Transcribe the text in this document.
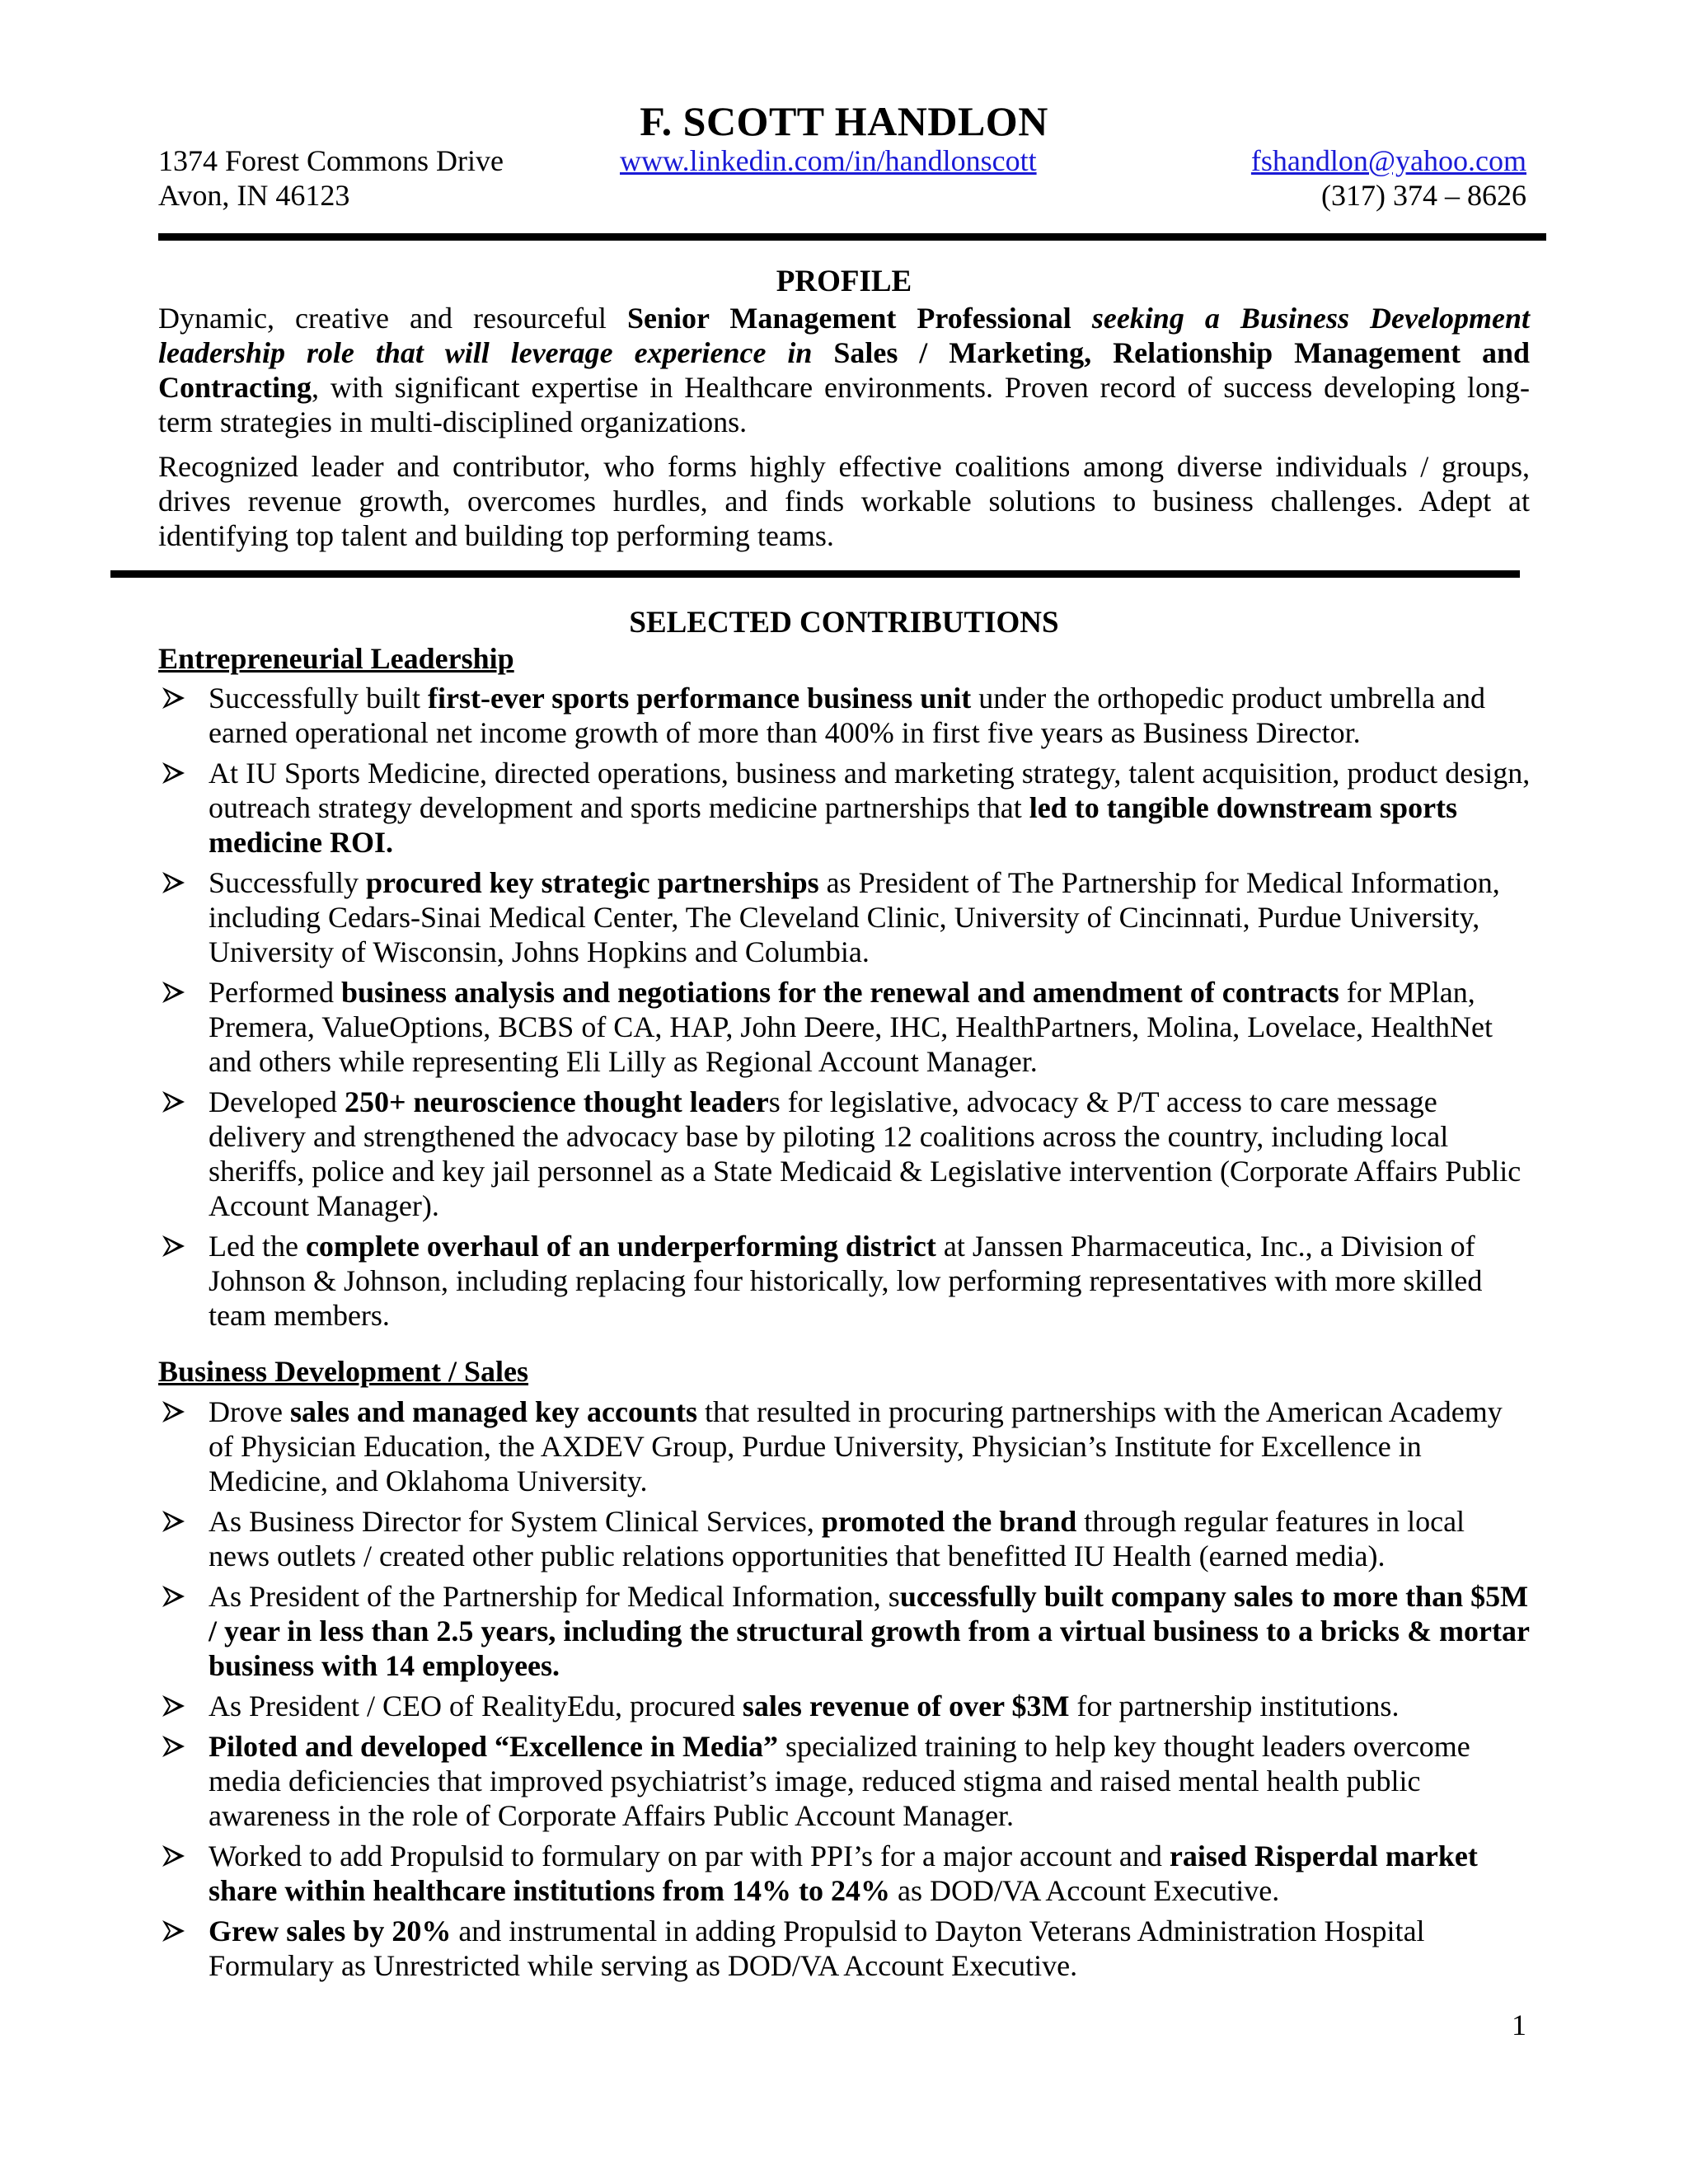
F. SCOTT HANDLON
1374 Forest Commons Drive	www.linkedin.com/in/handlonscott	fshandlon@yahoo.com
Avon, IN 46123	(317) 374 – 8626
PROFILE

Dynamic, creative and resourceful Senior Management Professional seeking a Business Development leadership role that will leverage experience in Sales / Marketing, Relationship Management and Contracting, with significant expertise in Healthcare environments. Proven record of success developing long-term strategies in multi-disciplined organizations.

Recognized leader and contributor, who forms highly effective coalitions among diverse individuals / groups, drives revenue growth, overcomes hurdles, and finds workable solutions to business challenges. Adept at identifying top talent and building top performing teams.

SELECTED CONTRIBUTIONS
Entrepreneurial Leadership
Successfully built first-ever sports performance business unit under the orthopedic product umbrella and earned operational net income growth of more than 400% in first five years as Business Director.
At IU Sports Medicine, directed operations, business and marketing strategy, talent acquisition, product design, outreach strategy development and sports medicine partnerships that led to tangible downstream sports medicine ROI.
Successfully procured key strategic partnerships as President of The Partnership for Medical Information, including Cedars-Sinai Medical Center, The Cleveland Clinic, University of Cincinnati, Purdue University, University of Wisconsin, Johns Hopkins and Columbia.
Performed business analysis and negotiations for the renewal and amendment of contracts for MPlan, Premera, ValueOptions, BCBS of CA, HAP, John Deere, IHC, HealthPartners, Molina, Lovelace, HealthNet and others while representing Eli Lilly as Regional Account Manager.
Developed 250+ neuroscience thought leaders for legislative, advocacy & P/T access to care message delivery and strengthened the advocacy base by piloting 12 coalitions across the country, including local sheriffs, police and key jail personnel as a State Medicaid & Legislative intervention (Corporate Affairs Public Account Manager).
Led the complete overhaul of an underperforming district at Janssen Pharmaceutica, Inc., a Division of Johnson & Johnson, including replacing four historically, low performing representatives with more skilled team members.
Business Development / Sales
Drove sales and managed key accounts that resulted in procuring partnerships with the American Academy of Physician Education, the AXDEV Group, Purdue University, Physician’s Institute for Excellence in Medicine, and Oklahoma University.
As Business Director for System Clinical Services, promoted the brand through regular features in local news outlets / created other public relations opportunities that benefitted IU Health (earned media).
As President of the Partnership for Medical Information, successfully built company sales to more than $5M / year in less than 2.5 years, including the structural growth from a virtual business to a bricks & mortar business with 14 employees.
As President / CEO of RealityEdu, procured sales revenue of over $3M for partnership institutions.
Piloted and developed “Excellence in Media” specialized training to help key thought leaders overcome media deficiencies that improved psychiatrist’s image, reduced stigma and raised mental health public awareness in the role of Corporate Affairs Public Account Manager.
Worked to add Propulsid to formulary on par with PPI’s for a major account and raised Risperdal market share within healthcare institutions from 14% to 24% as DOD/VA Account Executive.
Grew sales by 20% and instrumental in adding Propulsid to Dayton Veterans Administration Hospital Formulary as Unrestricted while serving as DOD/VA Account Executive.
1
